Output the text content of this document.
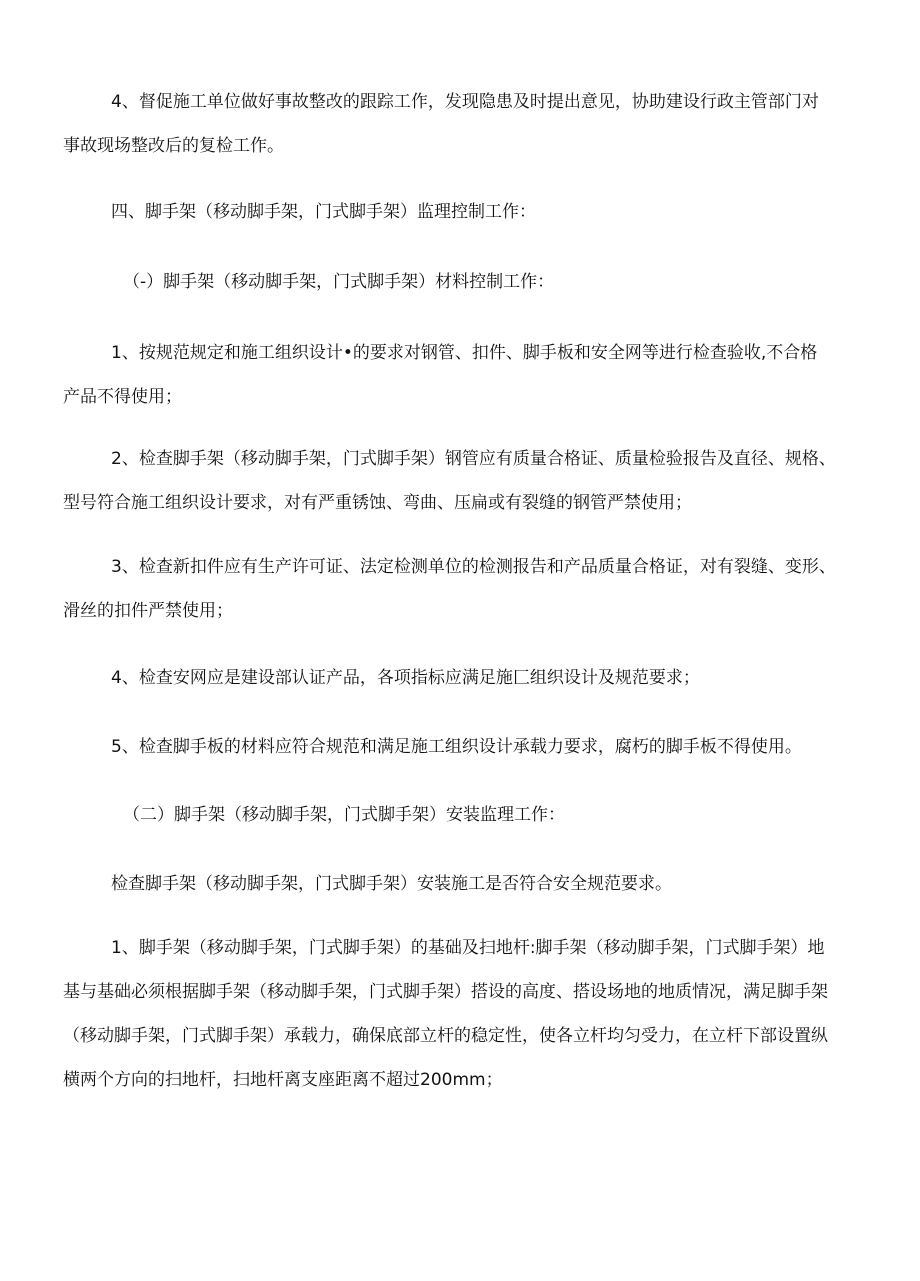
4、督促施工单位做好事故整改的跟踪工作，发现隐患及时提出意见，协助建设行政主管部门对
事故现场整改后的复检工作。
四、脚手架（移动脚手架，门式脚手架）监理控制工作：
（-）脚手架（移动脚手架，门式脚手架）材料控制工作：
1、按规范规定和施工组织设计•的要求对钢管、扣件、脚手板和安全网等进行检查验收,不合格
产品不得使用；
2、检查脚手架（移动脚手架，门式脚手架）钢管应有质量合格证、质量检验报告及直径、规格、
型号符合施工组织设计要求，对有严重锈蚀、弯曲、压扁或有裂缝的钢管严禁使用；
3、检查新扣件应有生产许可证、法定检测单位的检测报告和产品质量合格证，对有裂缝、变形、
滑丝的扣件严禁使用；
4、检查安网应是建设部认证产品，各项指标应满足施匚组织设计及规范要求；
5、检查脚手板的材料应符合规范和满足施工组织设计承载力要求，腐朽的脚手板不得使用。
（二）脚手架（移动脚手架，门式脚手架）安装监理工作：
检查脚手架（移动脚手架，门式脚手架）安装施工是否符合安全规范要求。
1、脚手架（移动脚手架，门式脚手架）的基础及扫地杆:脚手架（移动脚手架，门式脚手架）地
基与基础必须根据脚手架（移动脚手架，门式脚手架）搭设的高度、搭设场地的地质情况，满足脚手架
（移动脚手架，门式脚手架）承载力，确保底部立杆的稳定性，使各立杆均匀受力，在立杆下部设置纵
横两个方向的扫地杆，扫地杆离支座距离不超过200mm；
